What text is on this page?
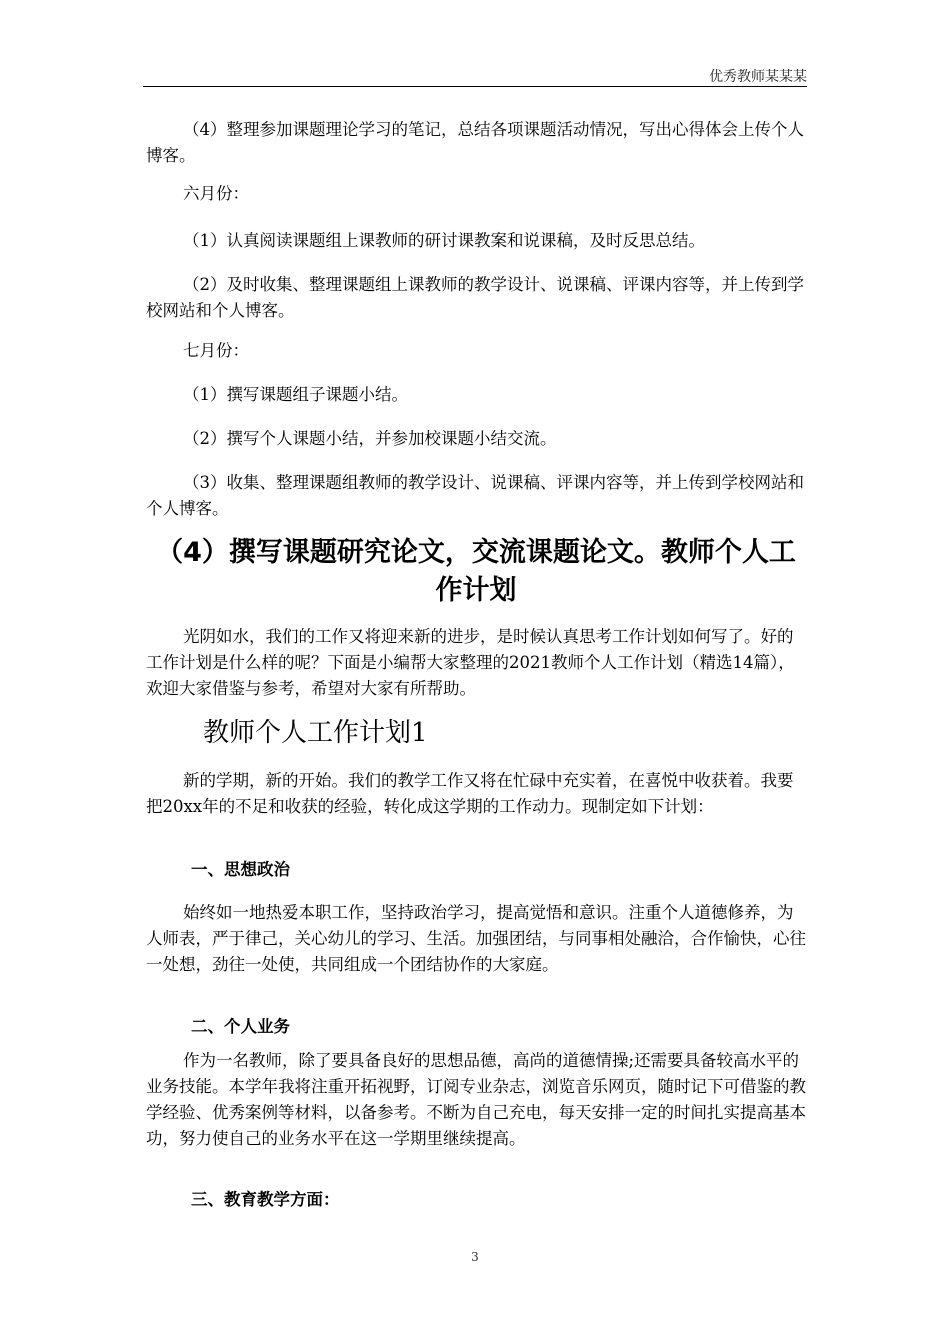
优秀教师某某某

（4）整理参加课题理论学习的笔记，总结各项课题活动情况，写出心得体会上传个人博客。

六月份：

（1）认真阅读课题组上课教师的研讨课教案和说课稿，及时反思总结。

（2）及时收集、整理课题组上课教师的教学设计、说课稿、评课内容等，并上传到学校网站和个人博客。

七月份：

（1）撰写课题组子课题小结。

（2）撰写个人课题小结，并参加校课题小结交流。

（3）收集、整理课题组教师的教学设计、说课稿、评课内容等，并上传到学校网站和个人博客。

（4）撰写课题研究论文，交流课题论文。教师个人工作计划

光阴如水，我们的工作又将迎来新的进步，是时候认真思考工作计划如何写了。好的工作计划是什么样的呢？下面是小编帮大家整理的2021教师个人工作计划（精选14篇），欢迎大家借鉴与参考，希望对大家有所帮助。

教师个人工作计划1

新的学期，新的开始。我们的教学工作又将在忙碌中充实着，在喜悦中收获着。我要把20xx年的不足和收获的经验，转化成这学期的工作动力。现制定如下计划：

一、思想政治

始终如一地热爱本职工作，坚持政治学习，提高觉悟和意识。注重个人道德修养，为人师表，严于律己，关心幼儿的学习、生活。加强团结，与同事相处融洽，合作愉快，心往一处想，劲往一处使，共同组成一个团结协作的大家庭。

二、个人业务

作为一名教师，除了要具备良好的思想品德，高尚的道德情操;还需要具备较高水平的业务技能。本学年我将注重开拓视野，订阅专业杂志，浏览音乐网页，随时记下可借鉴的教学经验、优秀案例等材料，以备参考。不断为自己充电，每天安排一定的时间扎实提高基本功，努力使自己的业务水平在这一学期里继续提高。

三、教育教学方面：
3
